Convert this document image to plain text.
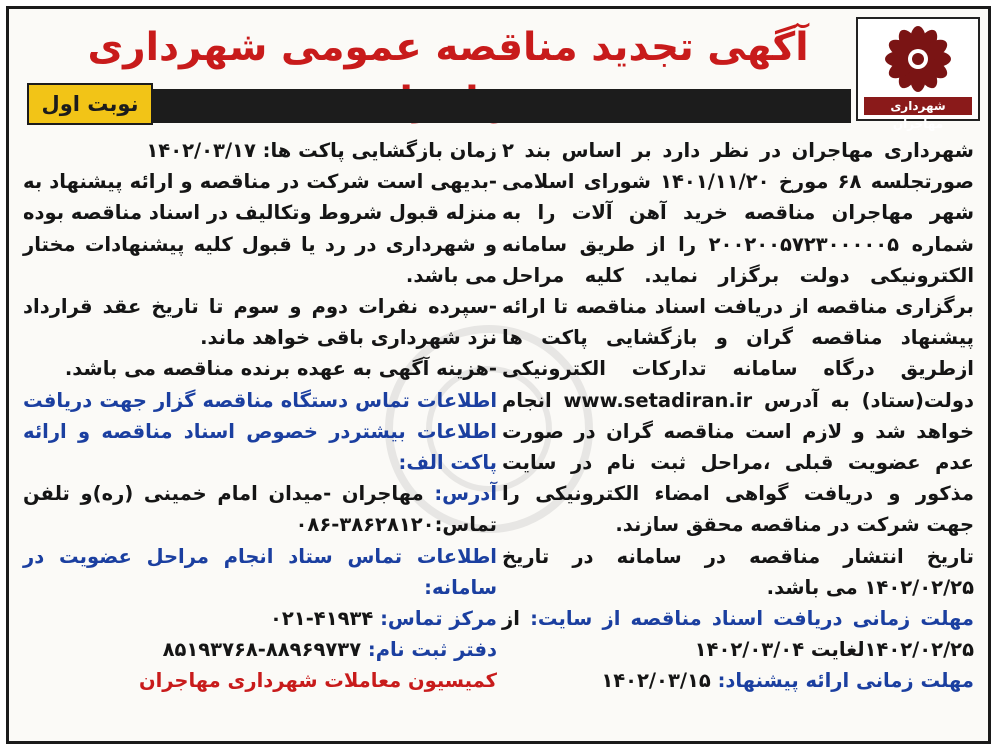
آگهی تجدید مناقصه عمومی شهرداری
شهرداری مهاجران
نوبت اول

شهرداری مهاجران در نظر دارد بر اساس بند ۲ صورتجلسه ۶۸ مورخ ۱۴۰۱/۱۱/۲۰ شورای اسلامی شهر مهاجران مناقصه خرید آهن آلات را به شماره ۲۰۰۲۰۰۵۷۲۳۰۰۰۰۰۵ را از طریق سامانه الکترونیکی دولت برگزار نماید. کلیه مراحل برگزاری مناقصه از دریافت اسناد مناقصه تا ارائه پیشنهاد مناقصه گران و بازگشایی پاکت ها ازطریق درگاه سامانه تدارکات الکترونیکی دولت(ستاد) به آدرس www.setadiran.ir انجام خواهد شد و لازم است مناقصه گران در صورت عدم عضویت قبلی ،مراحل ثبت نام در سایت مذکور و دریافت گواهی امضاء الکترونیکی را جهت شرکت در مناقصه محقق سازند.

تاریخ انتشار مناقصه در سامانه در تاریخ ۱۴۰۲/۰۲/۲۵ می باشد.

مهلت زمانی دریافت اسناد مناقصه از سایت: از ۱۴۰۲/۰۲/۲۵لغایت ۱۴۰۲/۰۳/۰۴

مهلت زمانی ارائه پیشنهاد: ۱۴۰۲/۰۳/۱۵

زمان بازگشایی پاکت ها: ۱۴۰۲/۰۳/۱۷

-بدیهی است شرکت در مناقصه و ارائه پیشنهاد به منزله قبول شروط وتکالیف در اسناد مناقصه بوده و شهرداری در رد یا قبول کلیه پیشنهادات مختار می باشد.

-سپرده نفرات دوم و سوم تا تاریخ عقد قرارداد نزد شهرداری باقی خواهد ماند.

-هزینه آگهی به عهده برنده مناقصه می باشد.

اطلاعات تماس دستگاه مناقصه گزار جهت دریافت اطلاعات بیشتردر خصوص اسناد مناقصه و ارائه پاکت الف:

آدرس: مهاجران -میدان امام خمینی (ره)و تلفن تماس:۳۸۶۲۸۱۲۰-۰۸۶

اطلاعات تماس ستاد انجام مراحل عضویت در سامانه:

مرکز تماس: ۴۱۹۳۴-۰۲۱

دفتر ثبت نام: ۸۸۹۶۹۷۳۷-۸۵۱۹۳۷۶۸

کمیسیون معاملات شهرداری مهاجران
